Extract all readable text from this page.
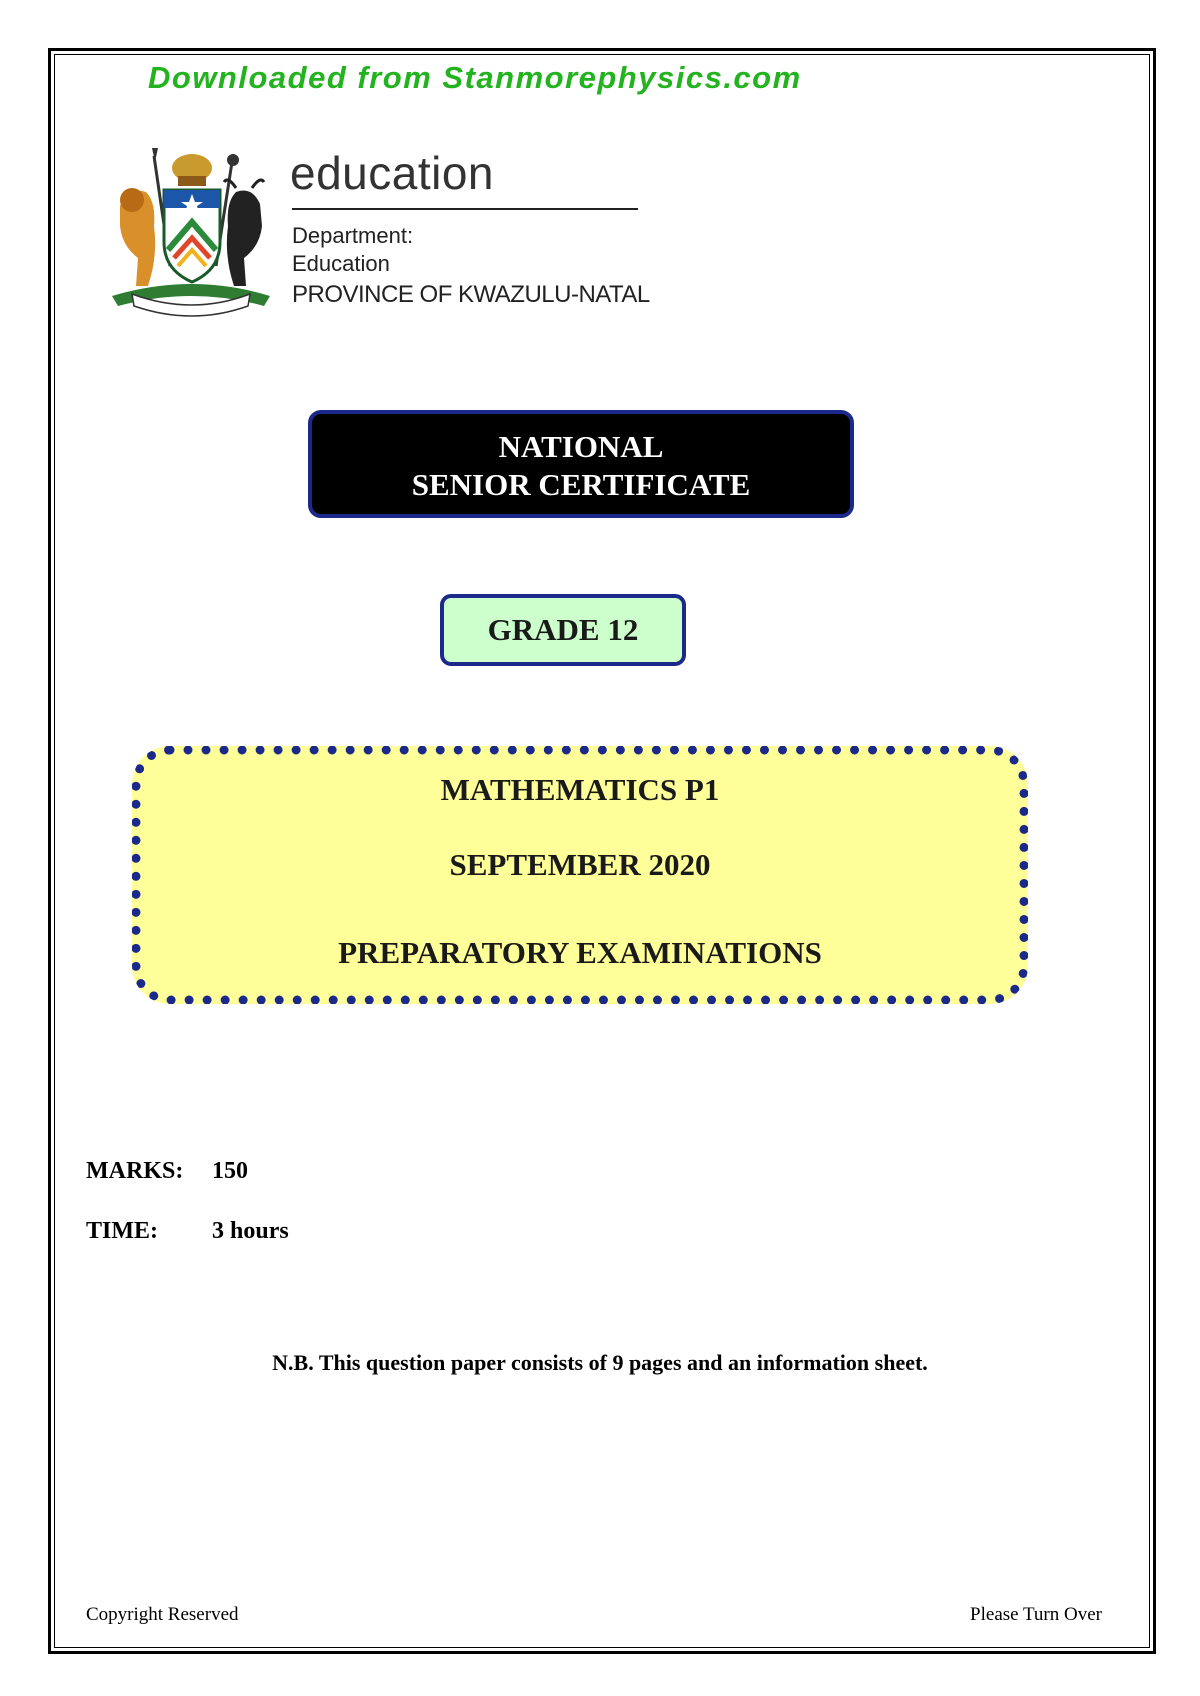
Downloaded from Stanmorephysics.com
education
Department:
Education
PROVINCE OF KWAZULU-NATAL
NATIONAL
SENIOR CERTIFICATE
GRADE 12
MATHEMATICS P1
SEPTEMBER 2020
PREPARATORY EXAMINATIONS
MARKS: 150
TIME: 3 hours
N.B. This question paper consists of 9 pages and an information sheet.
Copyright Reserved	Please Turn Over
